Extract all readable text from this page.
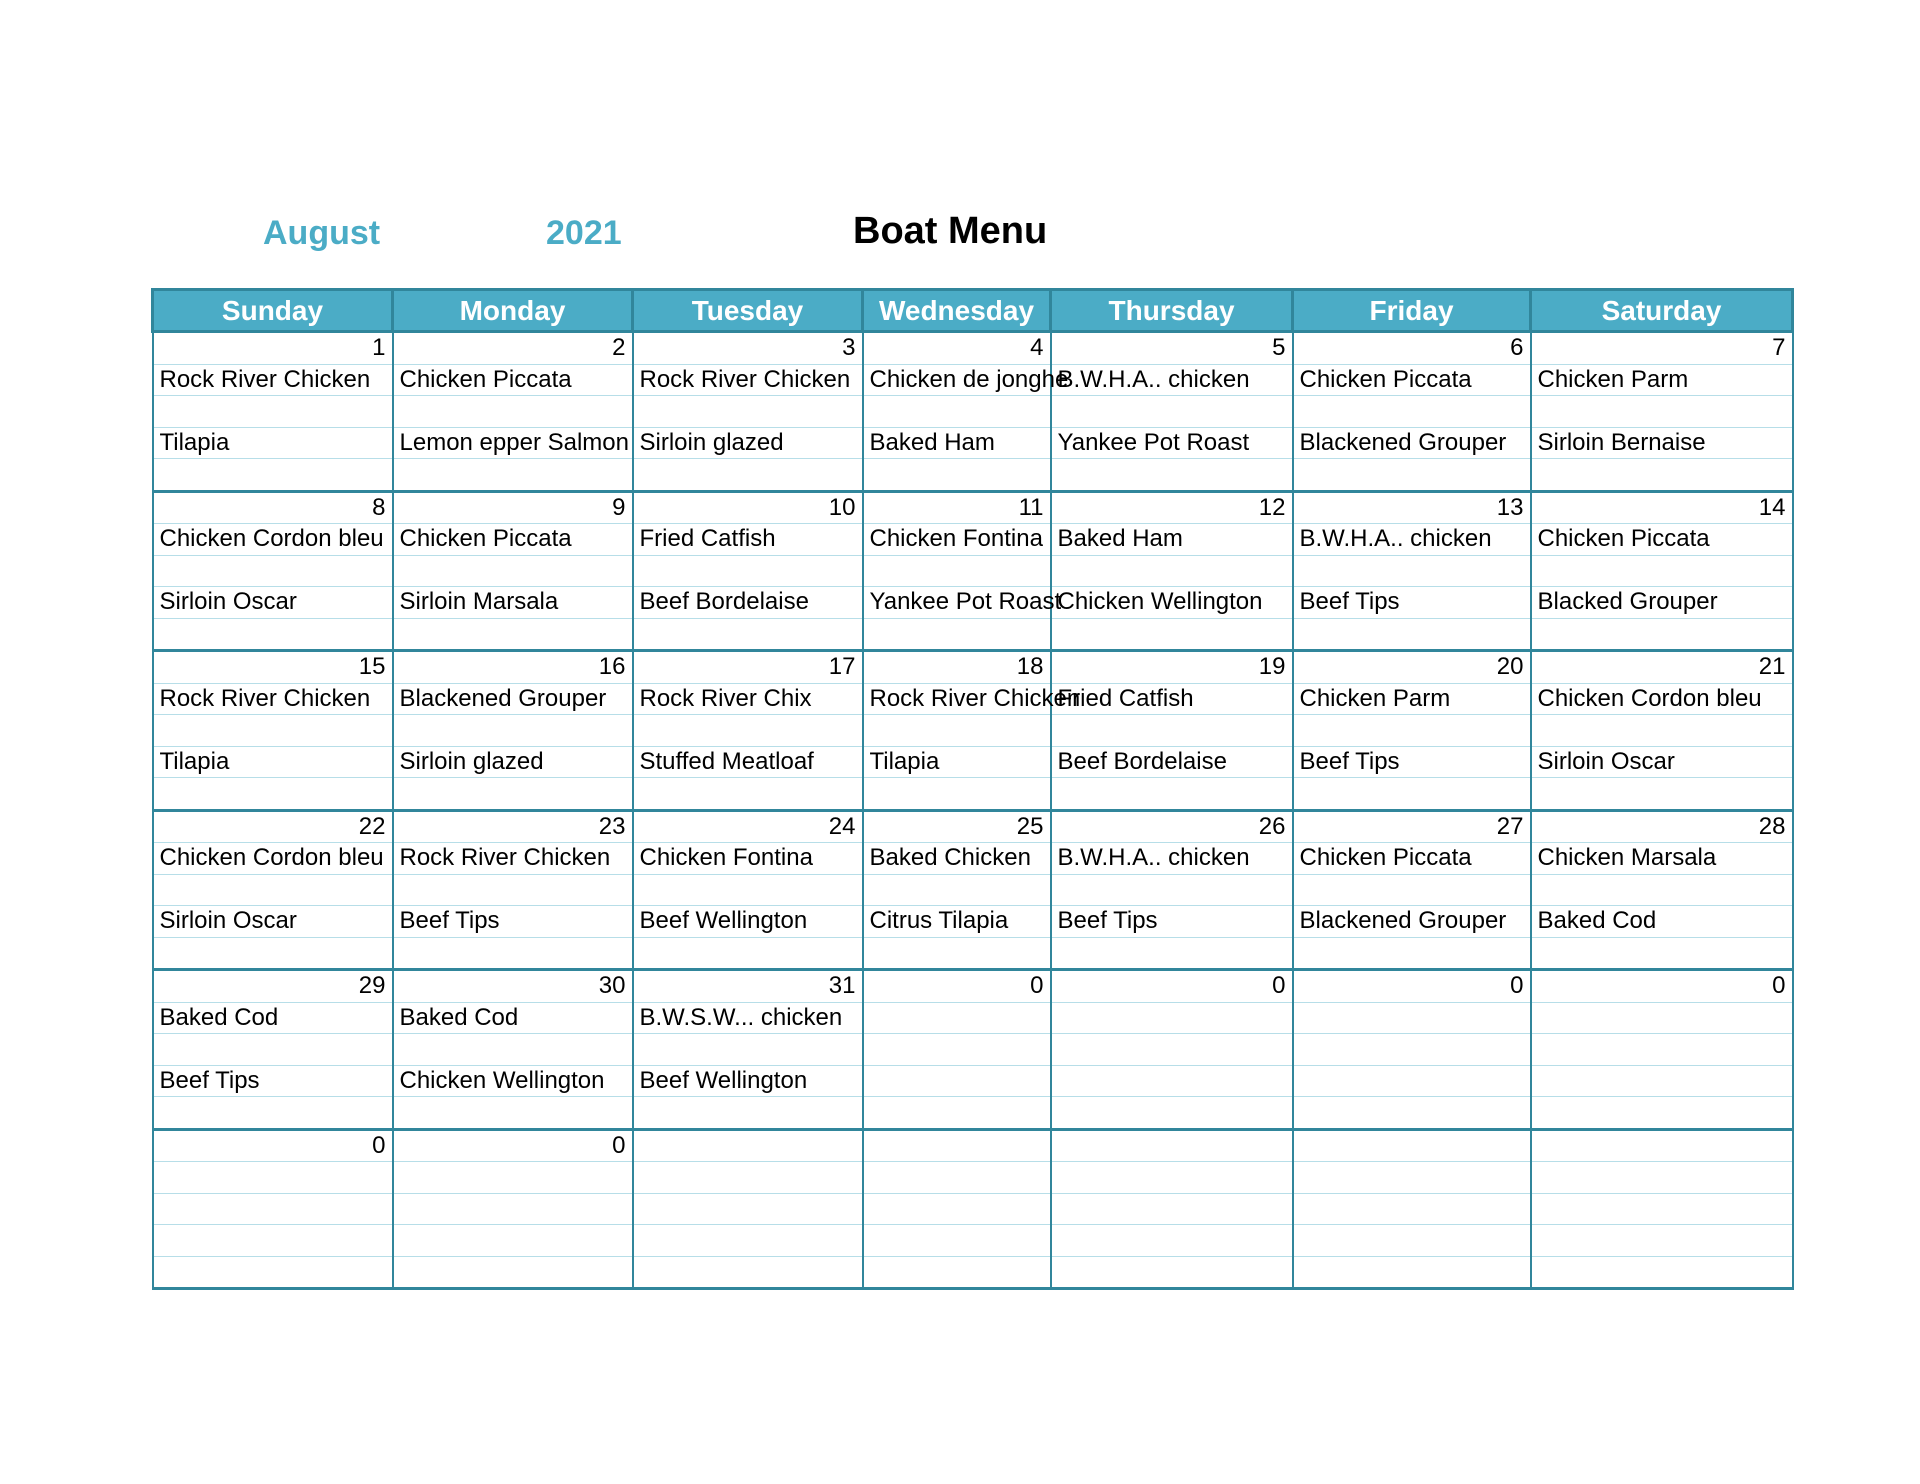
August	2021	Boat Menu
Sunday	Monday	Tuesday	Wednesday	Thursday	Friday	Saturday
1	2	3	4	5	6	7
Rock River Chicken	Chicken Piccata	Rock River Chicken	Chicken de jonghe	B.W.H.A.. chicken	Chicken Piccata	Chicken Parm

Tilapia	Lemon epper Salmon	Sirloin glazed	Baked Ham	Yankee Pot Roast	Blackened Grouper	Sirloin Bernaise

8	9	10	11	12	13	14
Chicken Cordon bleu	Chicken Piccata	Fried Catfish	Chicken Fontina	Baked Ham	B.W.H.A.. chicken	Chicken Piccata

Sirloin Oscar	Sirloin Marsala	Beef Bordelaise	Yankee Pot Roast	Chicken Wellington	Beef Tips	Blacked Grouper

15	16	17	18	19	20	21
Rock River Chicken	Blackened Grouper	Rock River Chix	Rock River Chicken	Fried Catfish	Chicken Parm	Chicken Cordon bleu

Tilapia	Sirloin glazed	Stuffed Meatloaf	Tilapia	Beef Bordelaise	Beef Tips	Sirloin Oscar

22	23	24	25	26	27	28
Chicken Cordon bleu	Rock River Chicken	Chicken Fontina	Baked Chicken	B.W.H.A.. chicken	Chicken Piccata	Chicken Marsala

Sirloin Oscar	Beef Tips	Beef Wellington	Citrus Tilapia	Beef Tips	Blackened Grouper	Baked Cod

29	30	31	0	0	0	0
Baked Cod	Baked Cod	B.W.S.W... chicken				

Beef Tips	Chicken Wellington	Beef Wellington				

0	0					
